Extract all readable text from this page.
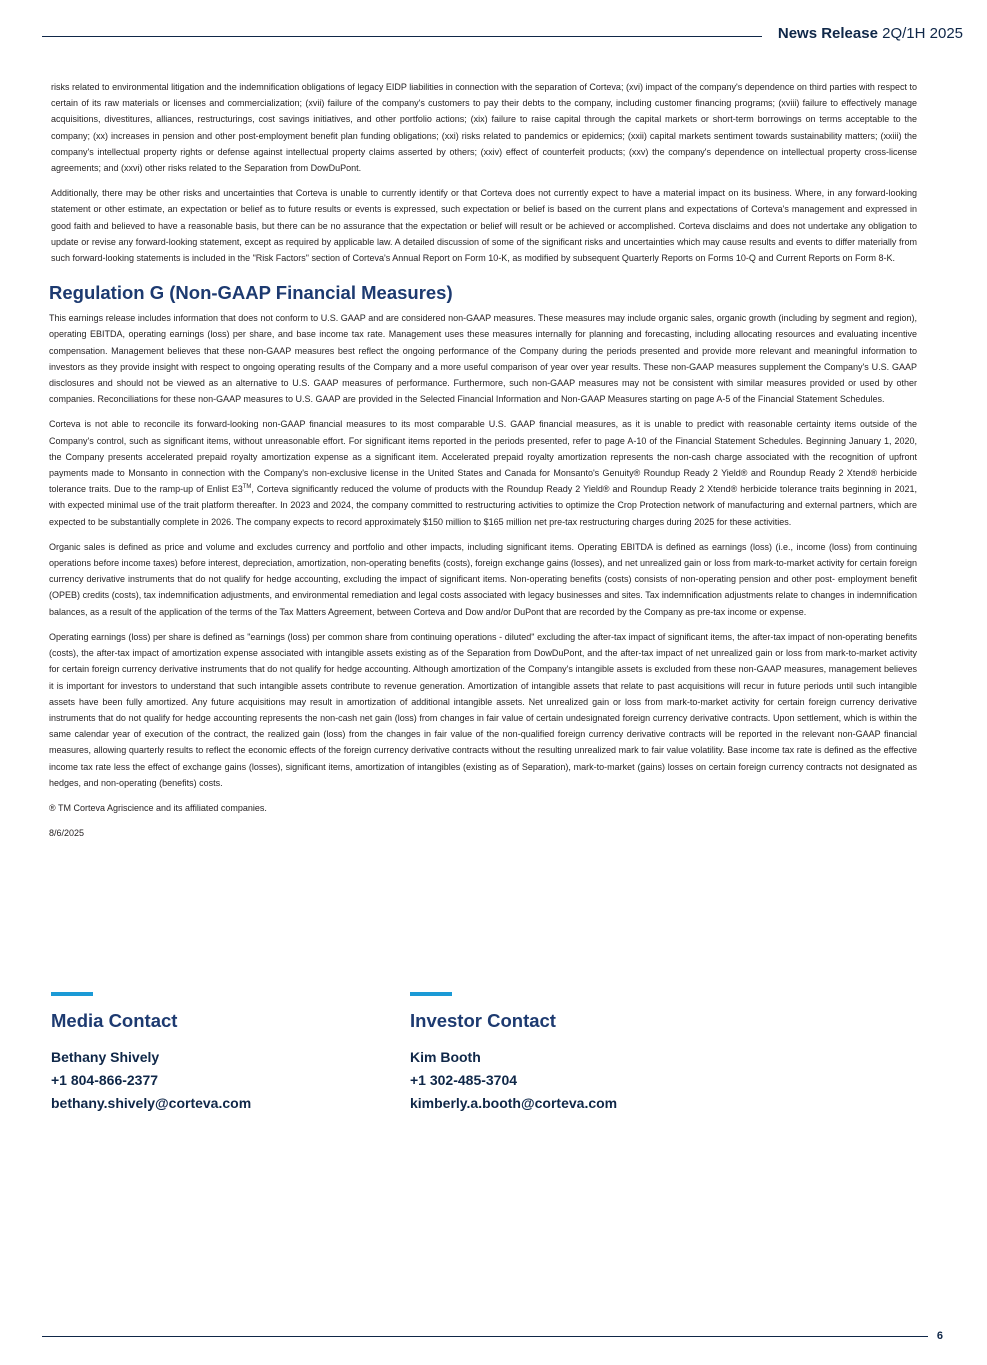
News Release 2Q/1H 2025

risks related to environmental litigation and the indemnification obligations of legacy EIDP liabilities in connection with the separation of Corteva; (xvi) impact of the company's dependence on third parties with respect to certain of its raw materials or licenses and commercialization; (xvii) failure of the company's customers to pay their debts to the company, including customer financing programs; (xviii) failure to effectively manage acquisitions, divestitures, alliances, restructurings, cost savings initiatives, and other portfolio actions; (xix) failure to raise capital through the capital markets or short-term borrowings on terms acceptable to the company; (xx) increases in pension and other post-employment benefit plan funding obligations; (xxi) risks related to pandemics or epidemics; (xxii) capital markets sentiment towards sustainability matters; (xxiii) the company's intellectual property rights or defense against intellectual property claims asserted by others; (xxiv) effect of counterfeit products; (xxv) the company's dependence on intellectual property cross-license agreements; and (xxvi) other risks related to the Separation from DowDuPont.

Additionally, there may be other risks and uncertainties that Corteva is unable to currently identify or that Corteva does not currently expect to have a material impact on its business. Where, in any forward-looking statement or other estimate, an expectation or belief as to future results or events is expressed, such expectation or belief is based on the current plans and expectations of Corteva's management and expressed in good faith and believed to have a reasonable basis, but there can be no assurance that the expectation or belief will result or be achieved or accomplished. Corteva disclaims and does not undertake any obligation to update or revise any forward-looking statement, except as required by applicable law. A detailed discussion of some of the significant risks and uncertainties which may cause results and events to differ materially from such forward-looking statements is included in the "Risk Factors" section of Corteva's Annual Report on Form 10-K, as modified by subsequent Quarterly Reports on Forms 10-Q and Current Reports on Form 8-K.

Regulation G (Non-GAAP Financial Measures)

This earnings release includes information that does not conform to U.S. GAAP and are considered non-GAAP measures. These measures may include organic sales, organic growth (including by segment and region), operating EBITDA, operating earnings (loss) per share, and base income tax rate. Management uses these measures internally for planning and forecasting, including allocating resources and evaluating incentive compensation. Management believes that these non-GAAP measures best reflect the ongoing performance of the Company during the periods presented and provide more relevant and meaningful information to investors as they provide insight with respect to ongoing operating results of the Company and a more useful comparison of year over year results. These non-GAAP measures supplement the Company's U.S. GAAP disclosures and should not be viewed as an alternative to U.S. GAAP measures of performance. Furthermore, such non-GAAP measures may not be consistent with similar measures provided or used by other companies. Reconciliations for these non-GAAP measures to U.S. GAAP are provided in the Selected Financial Information and Non-GAAP Measures starting on page A-5 of the Financial Statement Schedules.

Corteva is not able to reconcile its forward-looking non-GAAP financial measures to its most comparable U.S. GAAP financial measures, as it is unable to predict with reasonable certainty items outside of the Company's control, such as significant items, without unreasonable effort. For significant items reported in the periods presented, refer to page A-10 of the Financial Statement Schedules. Beginning January 1, 2020, the Company presents accelerated prepaid royalty amortization expense as a significant item. Accelerated prepaid royalty amortization represents the non-cash charge associated with the recognition of upfront payments made to Monsanto in connection with the Company's non-exclusive license in the United States and Canada for Monsanto's Genuity® Roundup Ready 2 Yield® and Roundup Ready 2 Xtend® herbicide tolerance traits. Due to the ramp-up of Enlist E3™, Corteva significantly reduced the volume of products with the Roundup Ready 2 Yield® and Roundup Ready 2 Xtend® herbicide tolerance traits beginning in 2021, with expected minimal use of the trait platform thereafter. In 2023 and 2024, the company committed to restructuring activities to optimize the Crop Protection network of manufacturing and external partners, which are expected to be substantially complete in 2026. The company expects to record approximately $150 million to $165 million net pre-tax restructuring charges during 2025 for these activities.

Organic sales is defined as price and volume and excludes currency and portfolio and other impacts, including significant items. Operating EBITDA is defined as earnings (loss) (i.e., income (loss) from continuing operations before income taxes) before interest, depreciation, amortization, non-operating benefits (costs), foreign exchange gains (losses), and net unrealized gain or loss from mark-to-market activity for certain foreign currency derivative instruments that do not qualify for hedge accounting, excluding the impact of significant items. Non-operating benefits (costs) consists of non-operating pension and other post- employment benefit (OPEB) credits (costs), tax indemnification adjustments, and environmental remediation and legal costs associated with legacy businesses and sites. Tax indemnification adjustments relate to changes in indemnification balances, as a result of the application of the terms of the Tax Matters Agreement, between Corteva and Dow and/or DuPont that are recorded by the Company as pre-tax income or expense.

Operating earnings (loss) per share is defined as "earnings (loss) per common share from continuing operations - diluted" excluding the after-tax impact of significant items, the after-tax impact of non-operating benefits (costs), the after-tax impact of amortization expense associated with intangible assets existing as of the Separation from DowDuPont, and the after-tax impact of net unrealized gain or loss from mark-to-market activity for certain foreign currency derivative instruments that do not qualify for hedge accounting. Although amortization of the Company's intangible assets is excluded from these non-GAAP measures, management believes it is important for investors to understand that such intangible assets contribute to revenue generation. Amortization of intangible assets that relate to past acquisitions will recur in future periods until such intangible assets have been fully amortized. Any future acquisitions may result in amortization of additional intangible assets. Net unrealized gain or loss from mark-to-market activity for certain foreign currency derivative instruments that do not qualify for hedge accounting represents the non-cash net gain (loss) from changes in fair value of certain undesignated foreign currency derivative contracts. Upon settlement, which is within the same calendar year of execution of the contract, the realized gain (loss) from the changes in fair value of the non-qualified foreign currency derivative contracts will be reported in the relevant non-GAAP financial measures, allowing quarterly results to reflect the economic effects of the foreign currency derivative contracts without the resulting unrealized mark to fair value volatility. Base income tax rate is defined as the effective income tax rate less the effect of exchange gains (losses), significant items, amortization of intangibles (existing as of Separation), mark-to-market (gains) losses on certain foreign currency contracts not designated as hedges, and non-operating (benefits) costs.

® TM Corteva Agriscience and its affiliated companies.

8/6/2025

Media Contact
Bethany Shively
+1 804-866-2377
bethany.shively@corteva.com
Investor Contact
Kim Booth
+1 302-485-3704
kimberly.a.booth@corteva.com
6
